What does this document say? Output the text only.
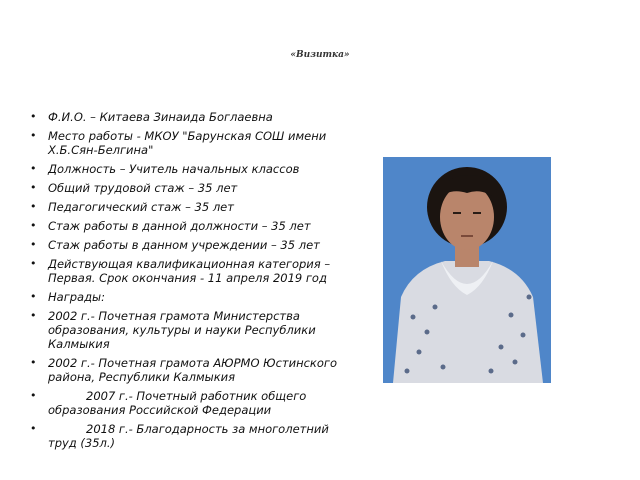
«Визитка»
• Ф.И.О. – Китаева Зинаида Боглаевна
• Место работы - МКОУ "Барунская СОШ имени Х.Б.Сян-Белгина"
• Должность – Учитель начальных классов
• Общий трудовой стаж – 35 лет
• Педагогический стаж – 35 лет
• Стаж работы в данной должности – 35 лет
• Стаж работы в данном учреждении – 35 лет
• Действующая квалификационная категория – Первая. Срок окончания - 11 апреля 2019 год
• Награды:
• 2002 г.- Почетная грамота Министерства образования, культуры и науки Республики Калмыкия
• 2002 г.- Почетная грамота АЮРМО Юстинского района, Республики Калмыкия
•	2007 г.- Почетный работник общего образования Российской Федерации
•	2018 г.- Благодарность за многолетний труд (35л.)
